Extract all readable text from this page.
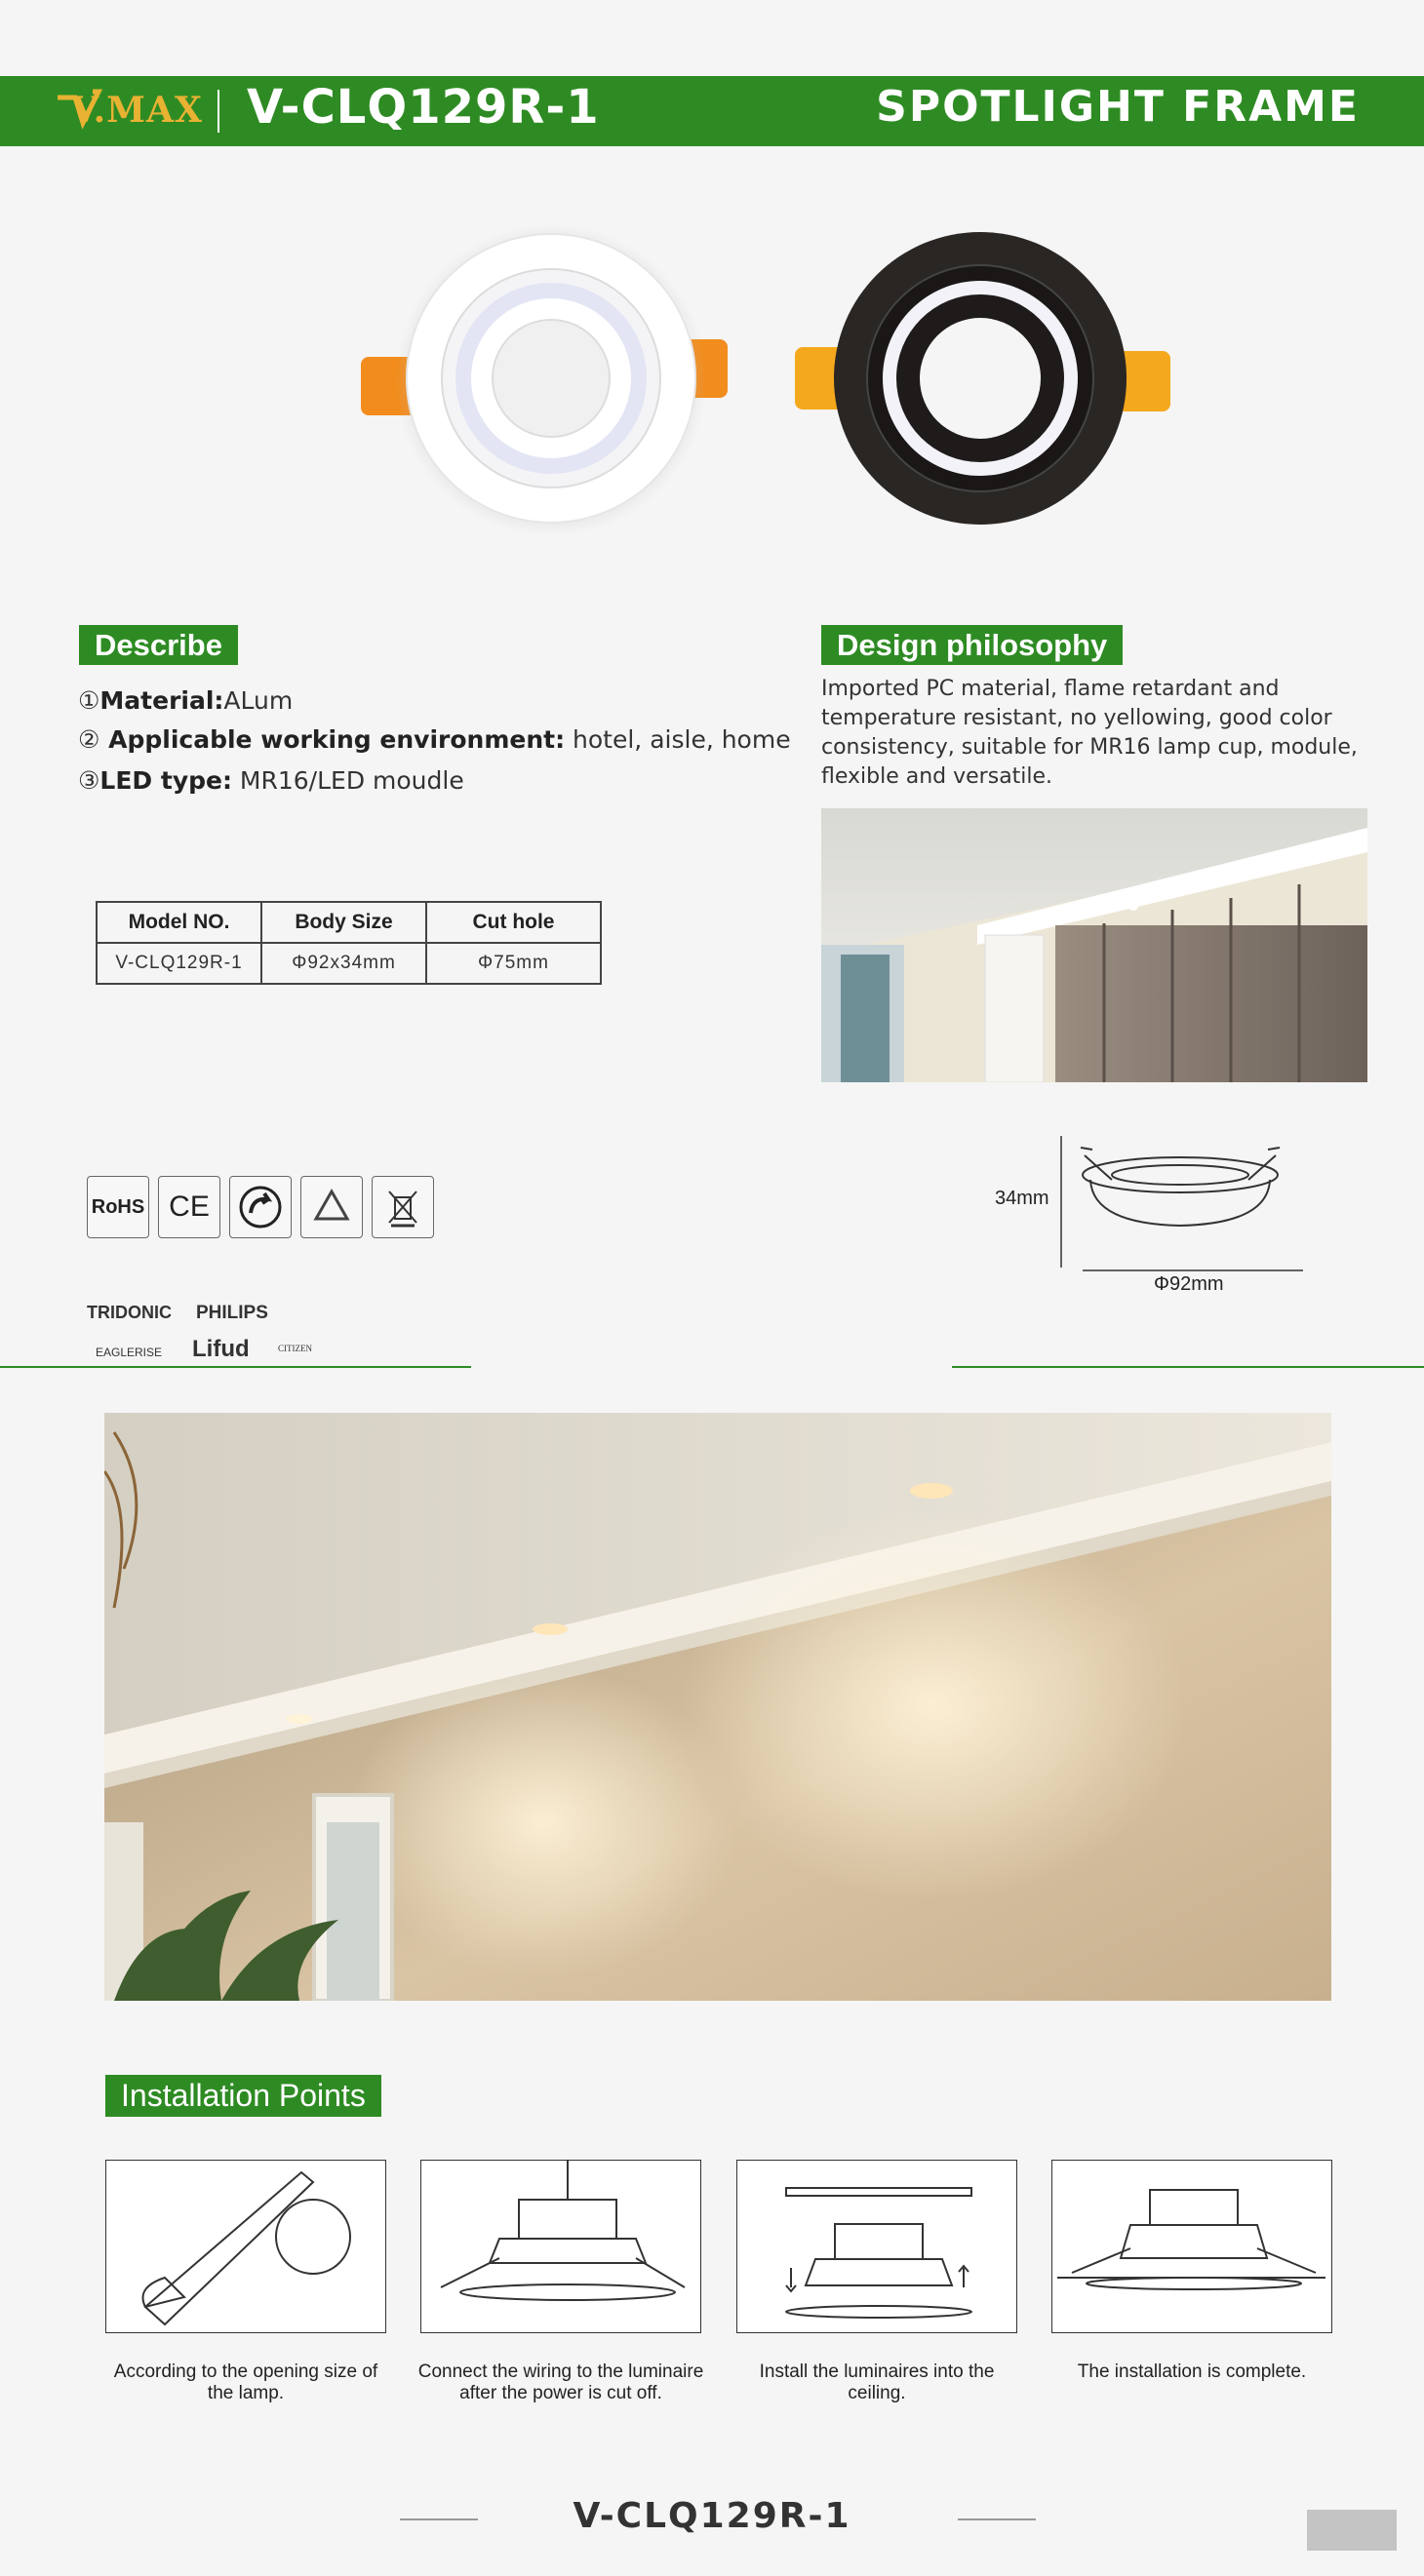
V.MAX V-CLQ129R-1	SPOTLIGHT FRAME
Describe
①Material:ALum
② Applicable working environment: hotel, aisle, home
③LED type: MR16/LED moudle
Design philosophy
Imported PC material, flame retardant and temperature resistant, no yellowing, good color consistency, suitable for MR16 lamp cup, module, flexible and versatile.
Model NO.	Body Size	Cut hole
V-CLQ129R-1	Φ92x34mm	Φ75mm
34mm
Φ92mm
RoHS CE
TRIDONIC PHILIPS
EAGLERISE Lifud	CITIZEN
Installation Points
According to the opening size of the lamp.
Connect the wiring to the luminaire after the power is cut off.
Install the luminaires into the ceiling.
The installation is complete.
V-CLQ129R-1
